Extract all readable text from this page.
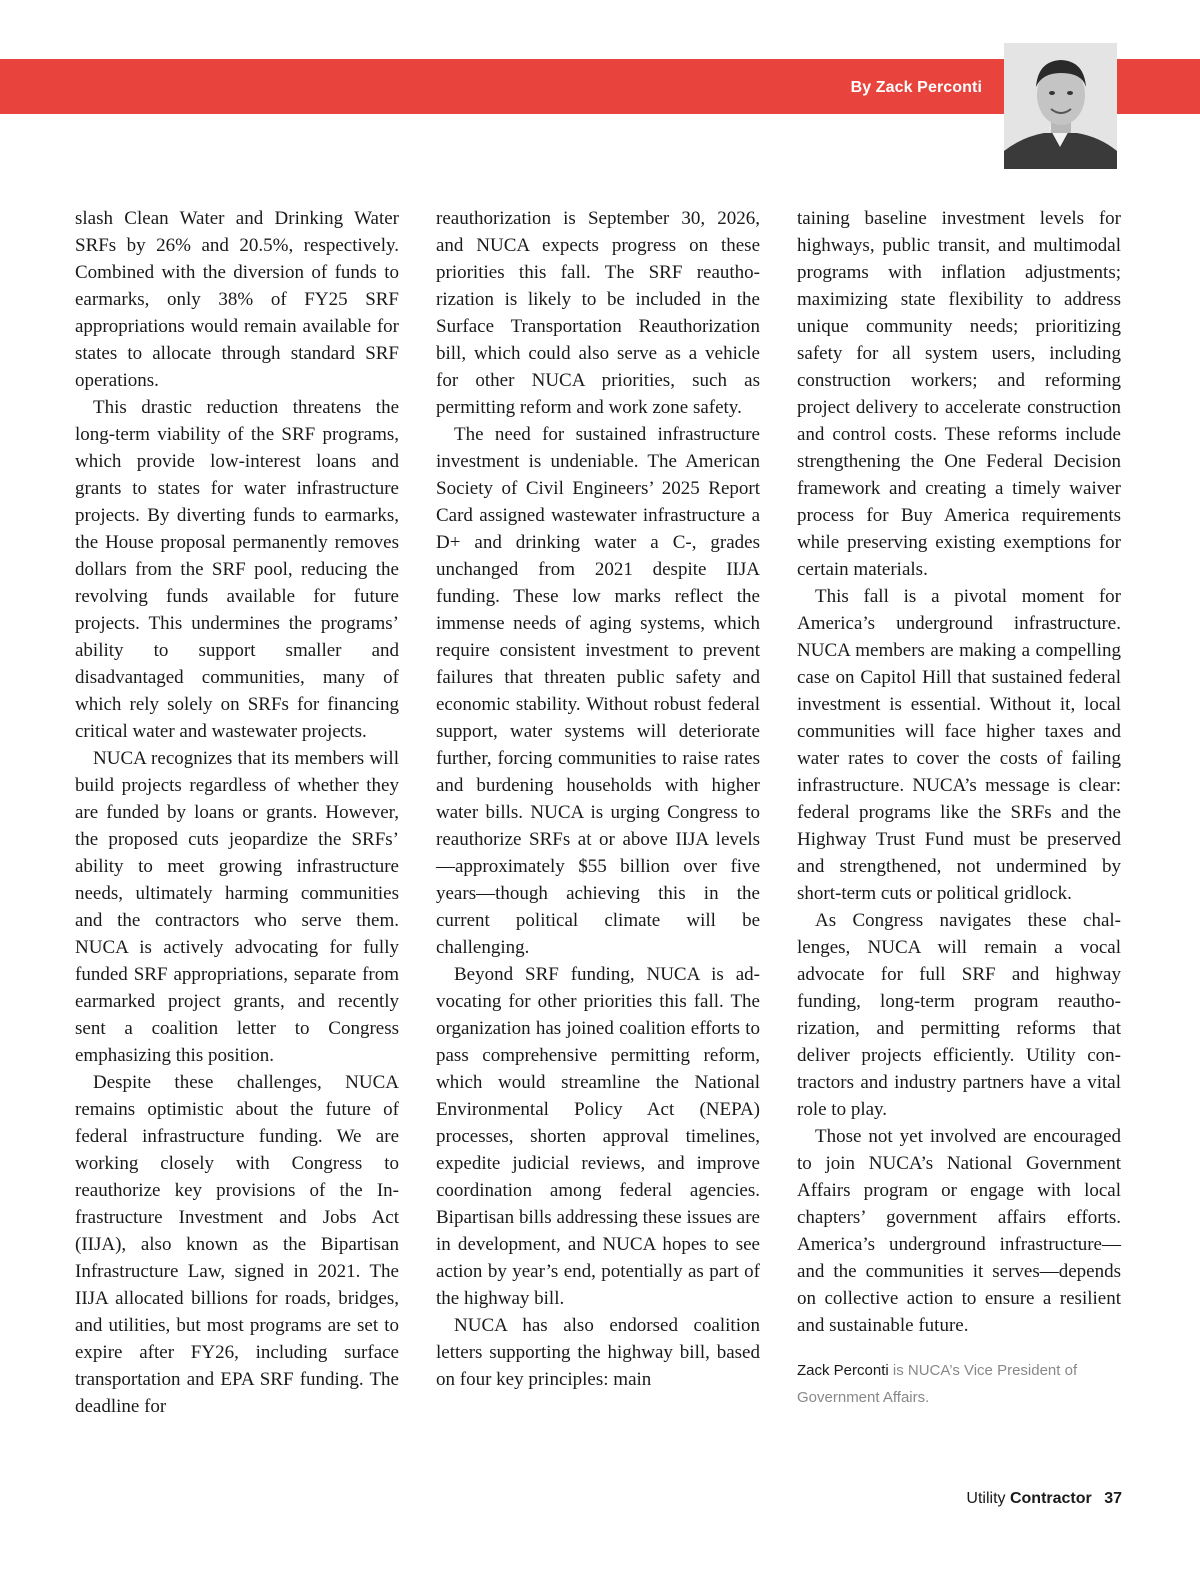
By Zack Perconti

slash Clean Water and Drinking Water SRFs by 26% and 20.5%, respectively. Combined with the diversion of funds to earmarks, only 38% of FY25 SRF appropriations would remain available for states to allocate through standard SRF operations.

This drastic reduction threatens the long-term viability of the SRF programs, which provide low-interest loans and grants to states for water infrastructure projects. By diverting funds to earmarks, the House proposal permanently removes dollars from the SRF pool, reducing the revolving funds available for future projects. This undermines the programs’ ability to support smaller and disadvantaged communities, many of which rely solely on SRFs for financing critical water and wastewater projects.

NUCA recognizes that its members will build projects regardless of whether they are funded by loans or grants. However, the proposed cuts jeopardize the SRFs’ ability to meet growing infrastructure needs, ultimately harming communities and the contractors who serve them. NUCA is actively advocating for fully funded SRF appropriations, separate from earmarked project grants, and recently sent a coalition letter to Congress emphasizing this position.

Despite these challenges, NUCA remains optimistic about the future of federal infrastructure funding. We are working closely with Congress to reauthorize key provisions of the Infrastructure Investment and Jobs Act (IIJA), also known as the Bipartisan Infrastructure Law, signed in 2021. The IIJA allocated billions for roads, bridges, and utilities, but most programs are set to expire after FY26, including surface transportation and EPA SRF funding. The deadline for

reauthorization is September 30, 2026, and NUCA expects progress on these priorities this fall. The SRF reauthorization is likely to be included in the Surface Transportation Reauthorization bill, which could also serve as a vehicle for other NUCA priorities, such as permitting reform and work zone safety.

The need for sustained infrastructure investment is undeniable. The American Society of Civil Engineers’ 2025 Report Card assigned wastewater infrastructure a D+ and drinking water a C-, grades unchanged from 2021 despite IIJA funding. These low marks reflect the immense needs of aging systems, which require consistent investment to prevent failures that threaten public safety and economic stability. Without robust federal support, water systems will deteriorate further, forcing communities to raise rates and burdening households with higher water bills. NUCA is urging Congress to reauthorize SRFs at or above IIJA levels—approximately $55 billion over five years—though achieving this in the current political climate will be challenging.

Beyond SRF funding, NUCA is advocating for other priorities this fall. The organization has joined coalition efforts to pass comprehensive permitting reform, which would streamline the National Environmental Policy Act (NEPA) processes, shorten approval timelines, expedite judicial reviews, and improve coordination among federal agencies. Bipartisan bills addressing these issues are in development, and NUCA hopes to see action by year’s end, potentially as part of the highway bill.

NUCA has also endorsed coalition letters supporting the highway bill, based on four key principles: main

taining baseline investment levels for highways, public transit, and multimodal programs with inflation adjustments; maximizing state flexibility to address unique community needs; prioritizing safety for all system users, including construction workers; and reforming project delivery to accelerate construction and control costs. These reforms include strengthening the One Federal Decision framework and creating a timely waiver process for Buy America requirements while preserving existing exemptions for certain materials.

This fall is a pivotal moment for America’s underground infrastructure. NUCA members are making a compelling case on Capitol Hill that sustained federal investment is essential. Without it, local communities will face higher taxes and water rates to cover the costs of failing infrastructure. NUCA’s message is clear: federal programs like the SRFs and the Highway Trust Fund must be preserved and strengthened, not undermined by short-term cuts or political gridlock.

As Congress navigates these challenges, NUCA will remain a vocal advocate for full SRF and highway funding, long-term program reauthorization, and permitting reforms that deliver projects efficiently. Utility contractors and industry partners have a vital role to play.

Those not yet involved are encouraged to join NUCA’s National Government Affairs program or engage with local chapters’ government affairs efforts. America’s underground infrastructure—and the communities it serves—depends on collective action to ensure a resilient and sustainable future.

Zack Perconti is NUCA’s Vice President of Government Affairs.

Utility Contractor 37
